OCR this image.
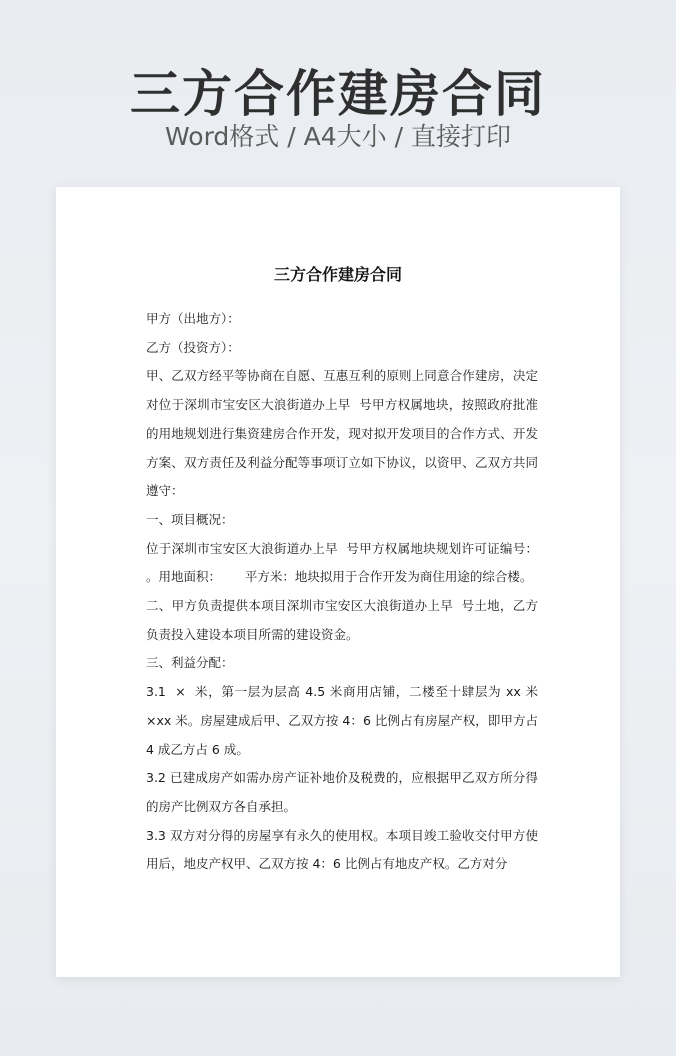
三方合作建房合同
Word格式 / A4大小 / 直接打印
三方合作建房合同

甲方（出地方）：

乙方（投资方）：

甲、乙双方经平等协商在自愿、互惠互利的原则上同意合作建房，决定对位于深圳市宝安区大浪街道办上早  号甲方权属地块，按照政府批准的用地规划进行集资建房合作开发，现对拟开发项目的合作方式、开发方案、双方责任及利益分配等事项订立如下协议，以资甲、乙双方共同遵守：

一、项目概况：

位于深圳市宝安区大浪街道办上早  号甲方权属地块规划许可证编号：      。用地面积：      平方米：地块拟用于合作开发为商住用途的综合楼。

二、甲方负责提供本项目深圳市宝安区大浪街道办上早  号土地，乙方负责投入建设本项目所需的建设资金。

三、利益分配：

3.1  ×  米，第一层为层高 4.5 米商用店铺，二楼至十肆层为 xx 米×xx 米。房屋建成后甲、乙双方按 4：6 比例占有房屋产权，即甲方占 4 成乙方占 6 成。

3.2 已建成房产如需办房产证补地价及税费的，应根据甲乙双方所分得的房产比例双方各自承担。

3.3 双方对分得的房屋享有永久的使用权。本项目竣工验收交付甲方使用后，地皮产权甲、乙双方按 4：6 比例占有地皮产权。乙方对分
